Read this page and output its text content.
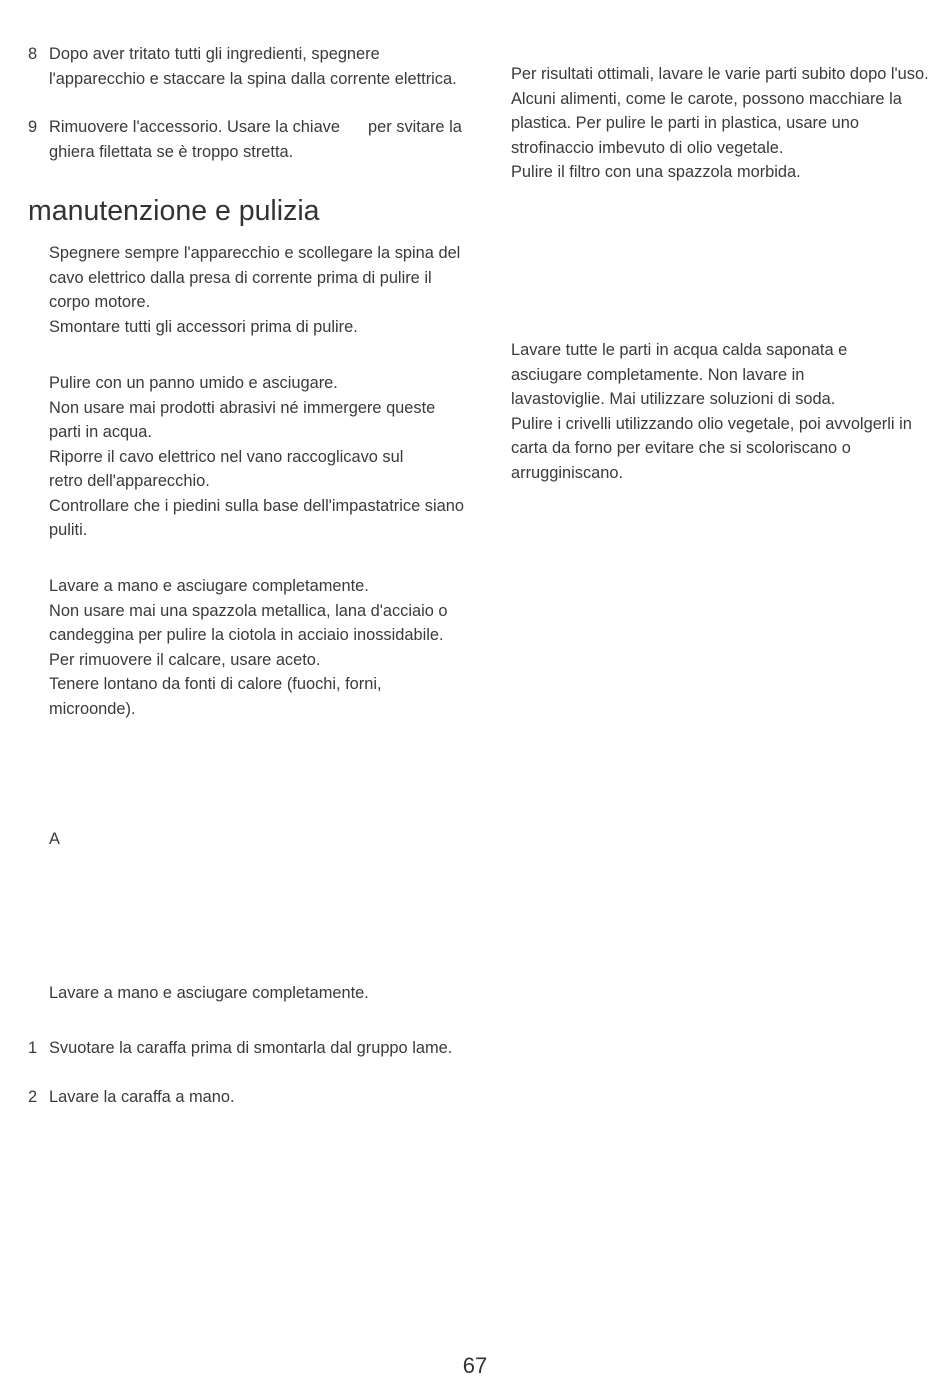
8 Dopo aver tritato tutti gli ingredienti, spegnere l'apparecchio e staccare la spina dalla corrente elettrica.
9 Rimuovere l'accessorio. Usare la chiave per svitare la ghiera filettata se è troppo stretta.
manutenzione e pulizia

Spegnere sempre l'apparecchio e scollegare la spina del cavo elettrico dalla presa di corrente prima di pulire il corpo motore.

Smontare tutti gli accessori prima di pulire.

Pulire con un panno umido e asciugare.

Non usare mai prodotti abrasivi né immergere queste parti in acqua.

Riporre il cavo elettrico nel vano raccoglicavo sul retro dell'apparecchio.

Controllare che i piedini sulla base dell'impastatrice siano puliti.

Lavare a mano e asciugare completamente.

Non usare mai una spazzola metallica, lana d'acciaio o candeggina per pulire la ciotola in acciaio inossidabile. Per rimuovere il calcare, usare aceto.

Tenere lontano da fonti di calore (fuochi, forni, microonde).

A
Lavare a mano e asciugare completamente.
1 Svuotare la caraffa prima di smontarla dal gruppo lame.
2 Lavare la caraffa a mano.

Per risultati ottimali, lavare le varie parti subito dopo l'uso.

Alcuni alimenti, come le carote, possono macchiare la plastica. Per pulire le parti in plastica, usare uno strofinaccio imbevuto di olio vegetale.

Pulire il filtro con una spazzola morbida.

Lavare tutte le parti in acqua calda saponata e asciugare completamente. Non lavare in lavastoviglie. Mai utilizzare soluzioni di soda.

Pulire i crivelli utilizzando olio vegetale, poi avvolgerli in carta da forno per evitare che si scoloriscano o arrugginiscano.

67
